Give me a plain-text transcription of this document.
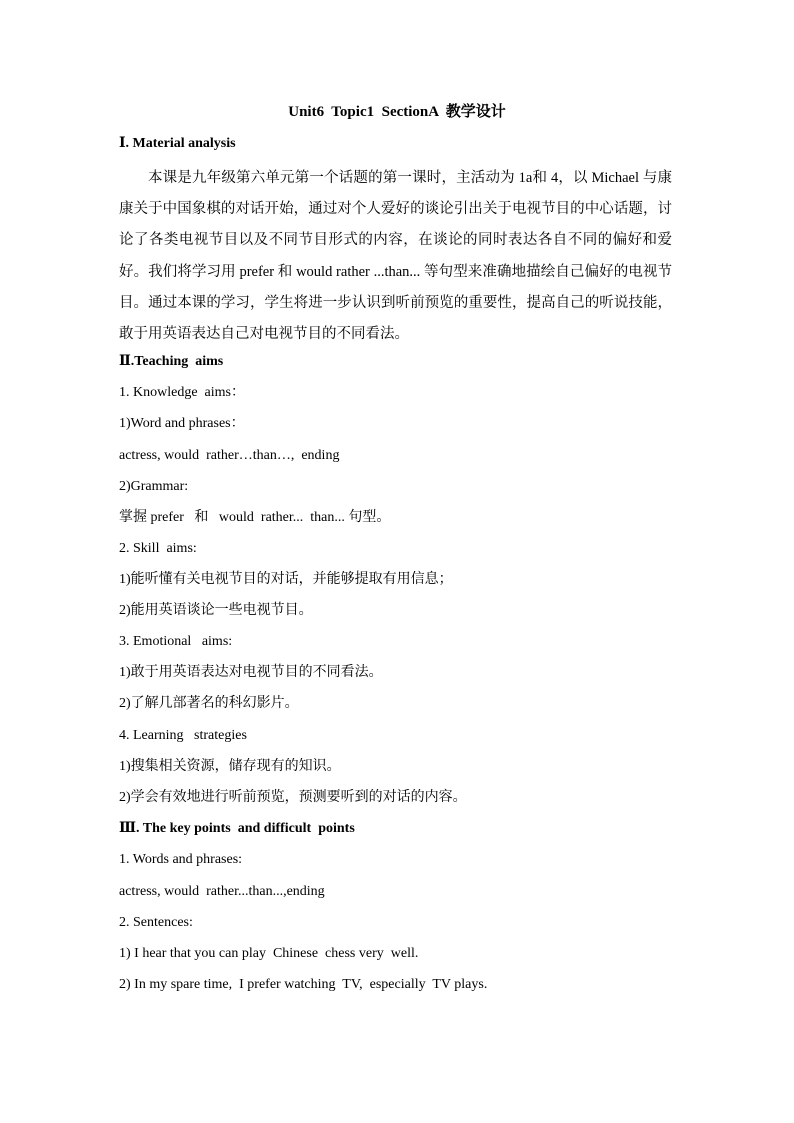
Unit6  Topic1  SectionA  教学设计
Ⅰ. Material analysis
本课是九年级第六单元第一个话题的第一课时，主活动为 1a和 4，以 Michael 与康康关于中国象棋的对话开始，通过对个人爱好的谈论引出关于电视节目的中心话题，讨论了各类电视节目以及不同节目形式的内容，在谈论的同时表达各自不同的偏好和爱好。我们将学习用 prefer 和 would rather ...than... 等句型来准确地描绘自己偏好的电视节目。通过本课的学习，学生将进一步认识到听前预览的重要性，提高自己的听说技能，敢于用英语表达自己对电视节目的不同看法。
Ⅱ.Teaching  aims
1. Knowledge  aims：
1)Word and phrases：
actress, would  rather…than…,  ending
2)Grammar:
掌握 prefer   和   would  rather...  than... 句型。
2. Skill  aims:
1)能听懂有关电视节目的对话，并能够提取有用信息；
2)能用英语谈论一些电视节目。
3. Emotional   aims:
1)敢于用英语表达对电视节目的不同看法。
2)了解几部著名的科幻影片。
4. Learning   strategies
1)搜集相关资源，储存现有的知识。
2)学会有效地进行听前预览，预测要听到的对话的内容。
Ⅲ. The key points  and difficult  points
1. Words and phrases:
actress, would  rather...than...,ending
2. Sentences:
1) I hear that you can play  Chinese  chess very  well.
2) In my spare time,  I prefer watching  TV,  especially  TV plays.
